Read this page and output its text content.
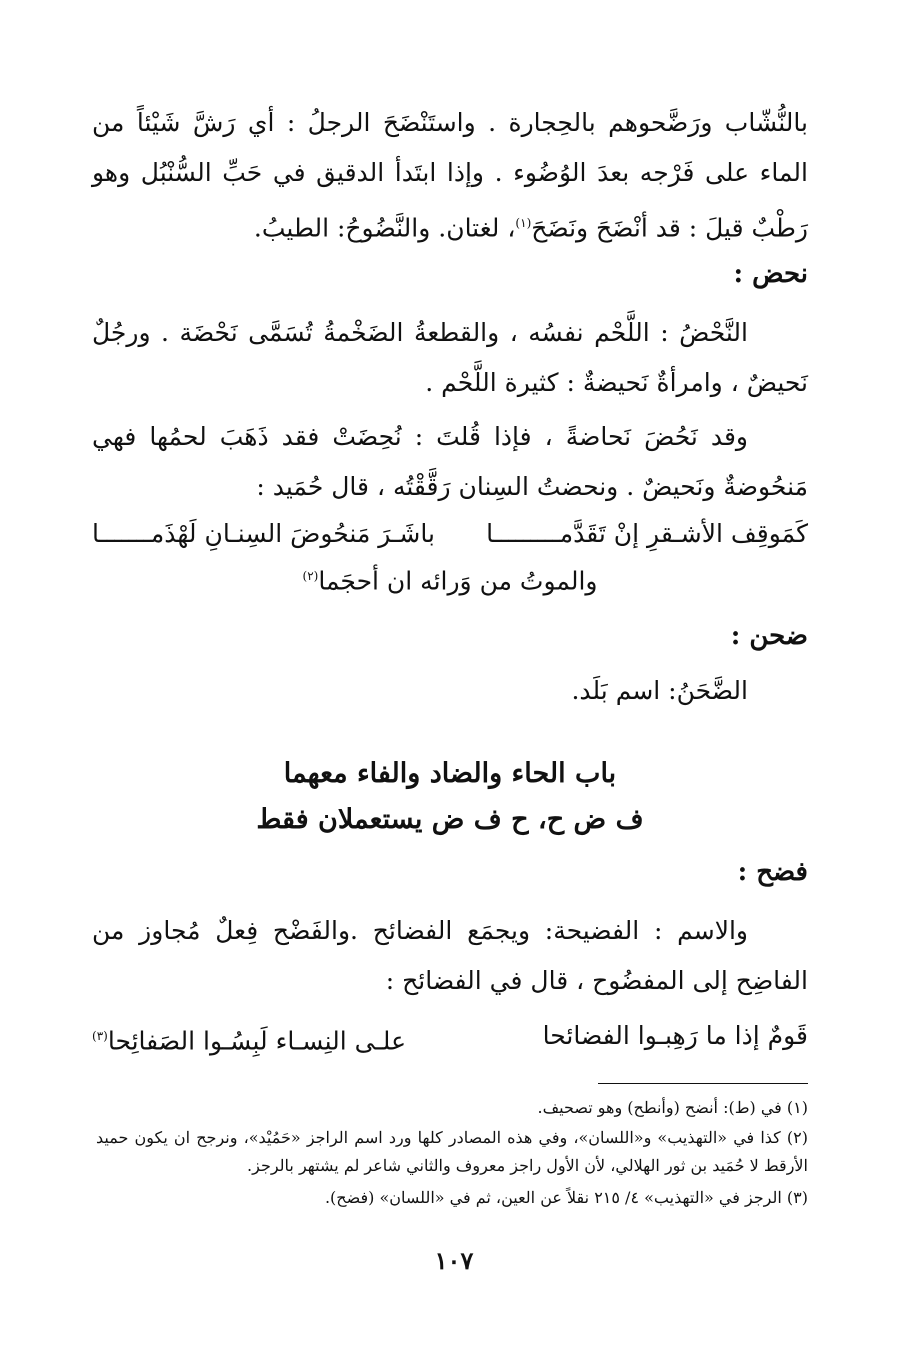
بالنُّشّاب ورَضَّحوهم بالحِجارة . واستَنْضَحَ الرجلُ : أي رَشَّ شَيْئاً من الماء على فَرْجه بعدَ الوُضُوء . وإذا ابتَدأ الدقيق في حَبِّ السُّنْبُل وهو رَطْبٌ قيلَ : قد أنْضَحَ ونَضَحَ$^{(١)}$، لغتان. والنَّضُوحُ: الطيبُ.
نحض :
النَّحْضُ : اللَّحْم نفسُه ، والقطعةُ الضَخْمةُ تُسَمَّى نَحْضَة . ورجُلٌ نَحيضٌ ، وامرأةٌ نَحيضةٌ : كثيرة اللَّحْم .
وقد نَحُضَ نَحاضةً ، فإذا قُلتَ : نُحِضَتْ فقد ذَهَبَ لحمُها فهي مَنحُوضةٌ ونَحيضٌ . ونحضتُ السِنان رَقَّقْتُه ، قال حُمَيد :
كَمَوقِف الأشـقرِ إنْ تَقَدَّمـــــــــا
باشَـرَ مَنحُوضَ السِنـانِ لَهْذَمـــــــا
والموتُ من وَرائه ان أحجَما$^{(٢)}$
ضحن :
الضَّحَنُ: اسم بَلَد.
باب الحاء والضاد والفاء معهما
ف ض ح، ح ف ض يستعملان فقط
فضح :
والاسم : الفضيحة: ويجمَع الفضائح .والفَضْح فِعلٌ مُجاوز من الفاضِح إلى المفضُوح ، قال في الفضائح :
قَومٌ إذا ما رَهِبـوا الفضائحا
علـى النِسـاء لَبِسُـوا الصَفائِحا$^{(٣)}$
(١) في (ط): أنضح (وأنطح) وهو تصحيف.
(٢) كذا في «التهذيب» و«اللسان»، وفي هذه المصادر كلها ورد اسم الراجز «حَمُيْد»، ونرجح ان يكون حميد الأرقط لا حُمَيد بن ثور الهلالي، لأن الأول راجز معروف والثاني شاعر لم يشتهر بالرجز.
(٣) الرجز في «التهذيب» ٤/ ٢١٥ نقلاً عن العين، ثم في «اللسان» (فضح).
١٠٧
